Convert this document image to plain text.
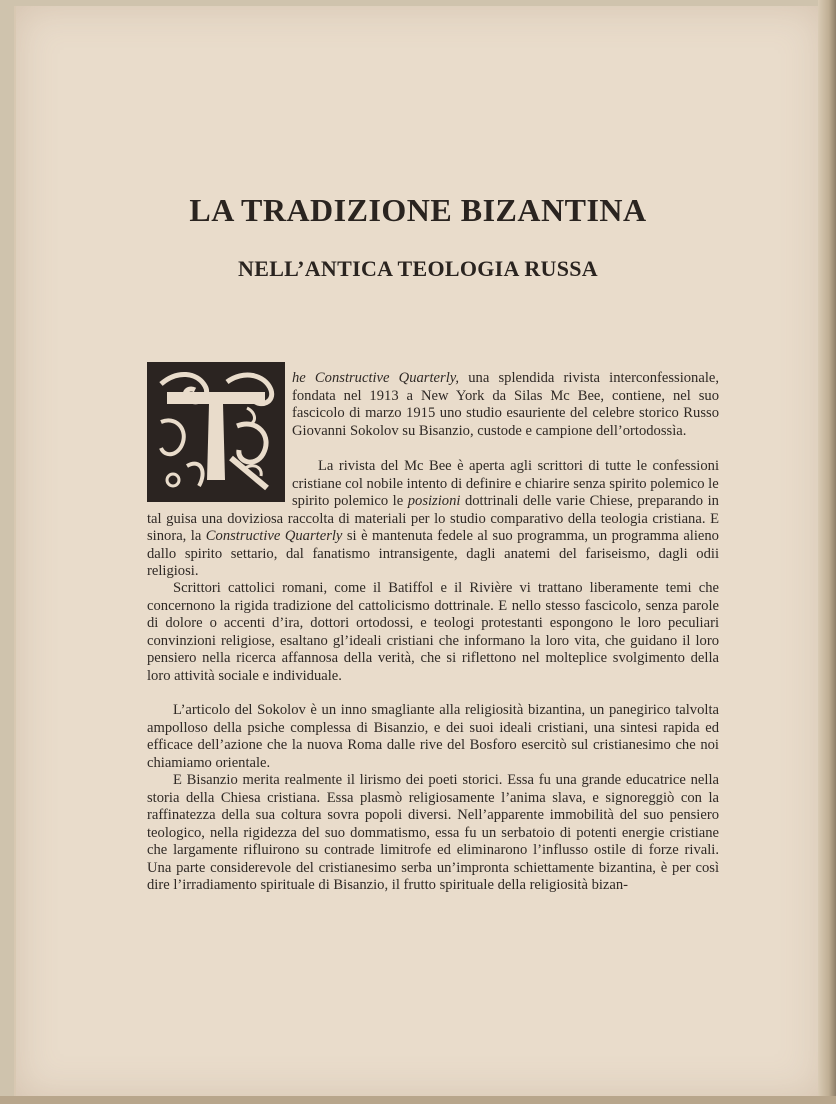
LA TRADIZIONE BIZANTINA
NELL’ANTICA TEOLOGIA RUSSA

he Constructive Quarterly, una splendida rivista interconfessionale, fondata nel 1913 a New York da Silas Mc Bee, contiene, nel suo fascicolo di marzo 1915 uno studio esauriente del celebre storico Russo Giovanni Sokolov su Bisanzio, custode e campione dell’ortodossìa.

La rivista del Mc Bee è aperta agli scrittori di tutte le confessioni cristiane col nobile intento di definire e chiarire senza spirito polemico le

spirito polemico le posizioni dottrinali delle varie Chiese, preparando in tal guisa una doviziosa raccolta di materiali per lo studio comparativo della teologia cristiana. E sinora, la Constructive Quarterly si è mantenuta fedele al suo programma, un programma alieno dallo spirito settario, dal fanatismo intransigente, dagli anatemi del fariseismo, dagli odii religiosi.

Scrittori cattolici romani, come il Batiffol e il Rivière vi trattano liberamente temi che concernono la rigida tradizione del cattolicismo dottrinale. E nello stesso fascicolo, senza parole di dolore o accenti d’ira, dottori ortodossi, e teologi protestanti espongono le loro peculiari convinzioni religiose, esaltano gl’ideali cristiani che informano la loro vita, che guidano il loro pensiero nella ricerca affannosa della verità, che si riflettono nel molteplice svolgimento della loro attività sociale e individuale.

L’articolo del Sokolov è un inno smagliante alla religiosità bizantina, un panegirico talvolta ampolloso della psiche complessa di Bisanzio, e dei suoi ideali cristiani, una sintesi rapida ed efficace dell’azione che la nuova Roma dalle rive del Bosforo esercitò sul cristianesimo che noi chiamiamo orientale.

E Bisanzio merita realmente il lirismo dei poeti storici. Essa fu una grande educatrice nella storia della Chiesa cristiana. Essa plasmò religiosamente l’anima slava, e signoreggiò con la raffinatezza della sua coltura sovra popoli diversi. Nell’apparente immobilità del suo pensiero teologico, nella rigidezza del suo dommatismo, essa fu un serbatoio di potenti energie cristiane che largamente rifluirono su contrade limitrofe ed eliminarono l’influsso ostile di forze rivali. Una parte considerevole del cristianesimo serba un’impronta schiettamente bizantina, è per così dire l’irradiamento spirituale di Bisanzio, il frutto spirituale della religiosità bizan-
